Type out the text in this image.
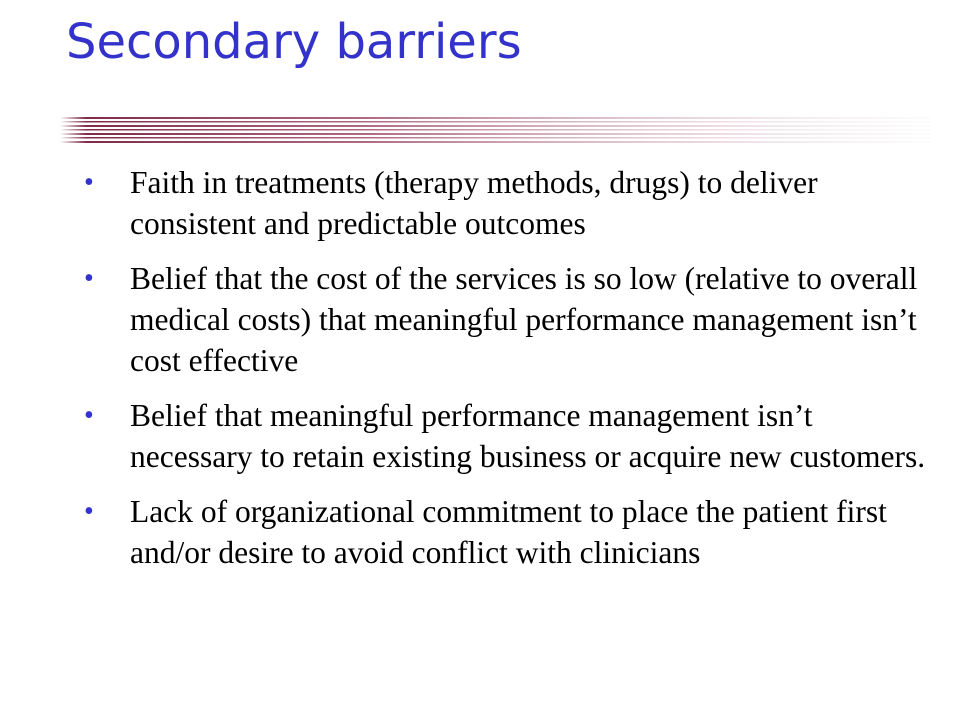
Secondary barriers
• Faith in treatments (therapy methods, drugs) to deliver consistent and predictable outcomes
• Belief that the cost of the services is so low (relative to overall medical costs) that meaningful performance management isn’t cost effective
• Belief that meaningful performance management isn’t necessary to retain existing business or acquire new customers.
• Lack of organizational commitment to place the patient first and/or desire to avoid conflict with clinicians
